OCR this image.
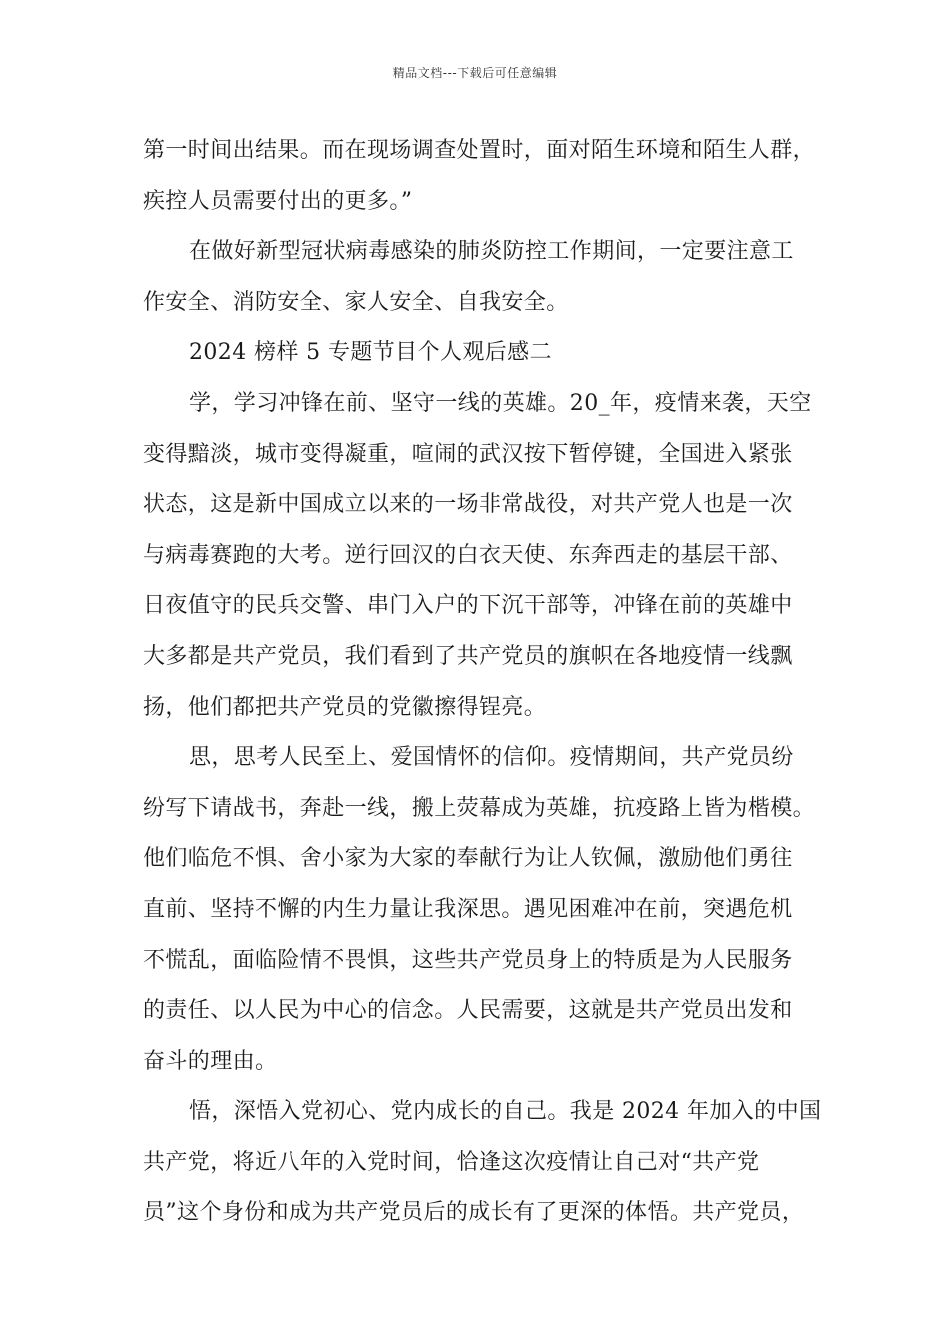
精品文档---下载后可任意编辑
第一时间出结果。而在现场调查处置时，面对陌生环境和陌生人群，
疾控人员需要付出的更多。”
在做好新型冠状病毒感染的肺炎防控工作期间，一定要注意工
作安全、消防安全、家人安全、自我安全。
2024 榜样 5 专题节目个人观后感二
学，学习冲锋在前、坚守一线的英雄。20_年，疫情来袭，天空
变得黯淡，城市变得凝重，喧闹的武汉按下暂停键，全国进入紧张
状态，这是新中国成立以来的一场非常战役，对共产党人也是一次
与病毒赛跑的大考。逆行回汉的白衣天使、东奔西走的基层干部、
日夜值守的民兵交警、串门入户的下沉干部等，冲锋在前的英雄中
大多都是共产党员，我们看到了共产党员的旗帜在各地疫情一线飘
扬，他们都把共产党员的党徽擦得锃亮。
思，思考人民至上、爱国情怀的信仰。疫情期间，共产党员纷
纷写下请战书，奔赴一线，搬上荧幕成为英雄，抗疫路上皆为楷模。
他们临危不惧、舍小家为大家的奉献行为让人钦佩，激励他们勇往
直前、坚持不懈的内生力量让我深思。遇见困难冲在前，突遇危机
不慌乱，面临险情不畏惧，这些共产党员身上的特质是为人民服务
的责任、以人民为中心的信念。人民需要，这就是共产党员出发和
奋斗的理由。
悟，深悟入党初心、党内成长的自己。我是 2024 年加入的中国
共产党，将近八年的入党时间，恰逢这次疫情让自己对“共产党
员”这个身份和成为共产党员后的成长有了更深的体悟。共产党员，
